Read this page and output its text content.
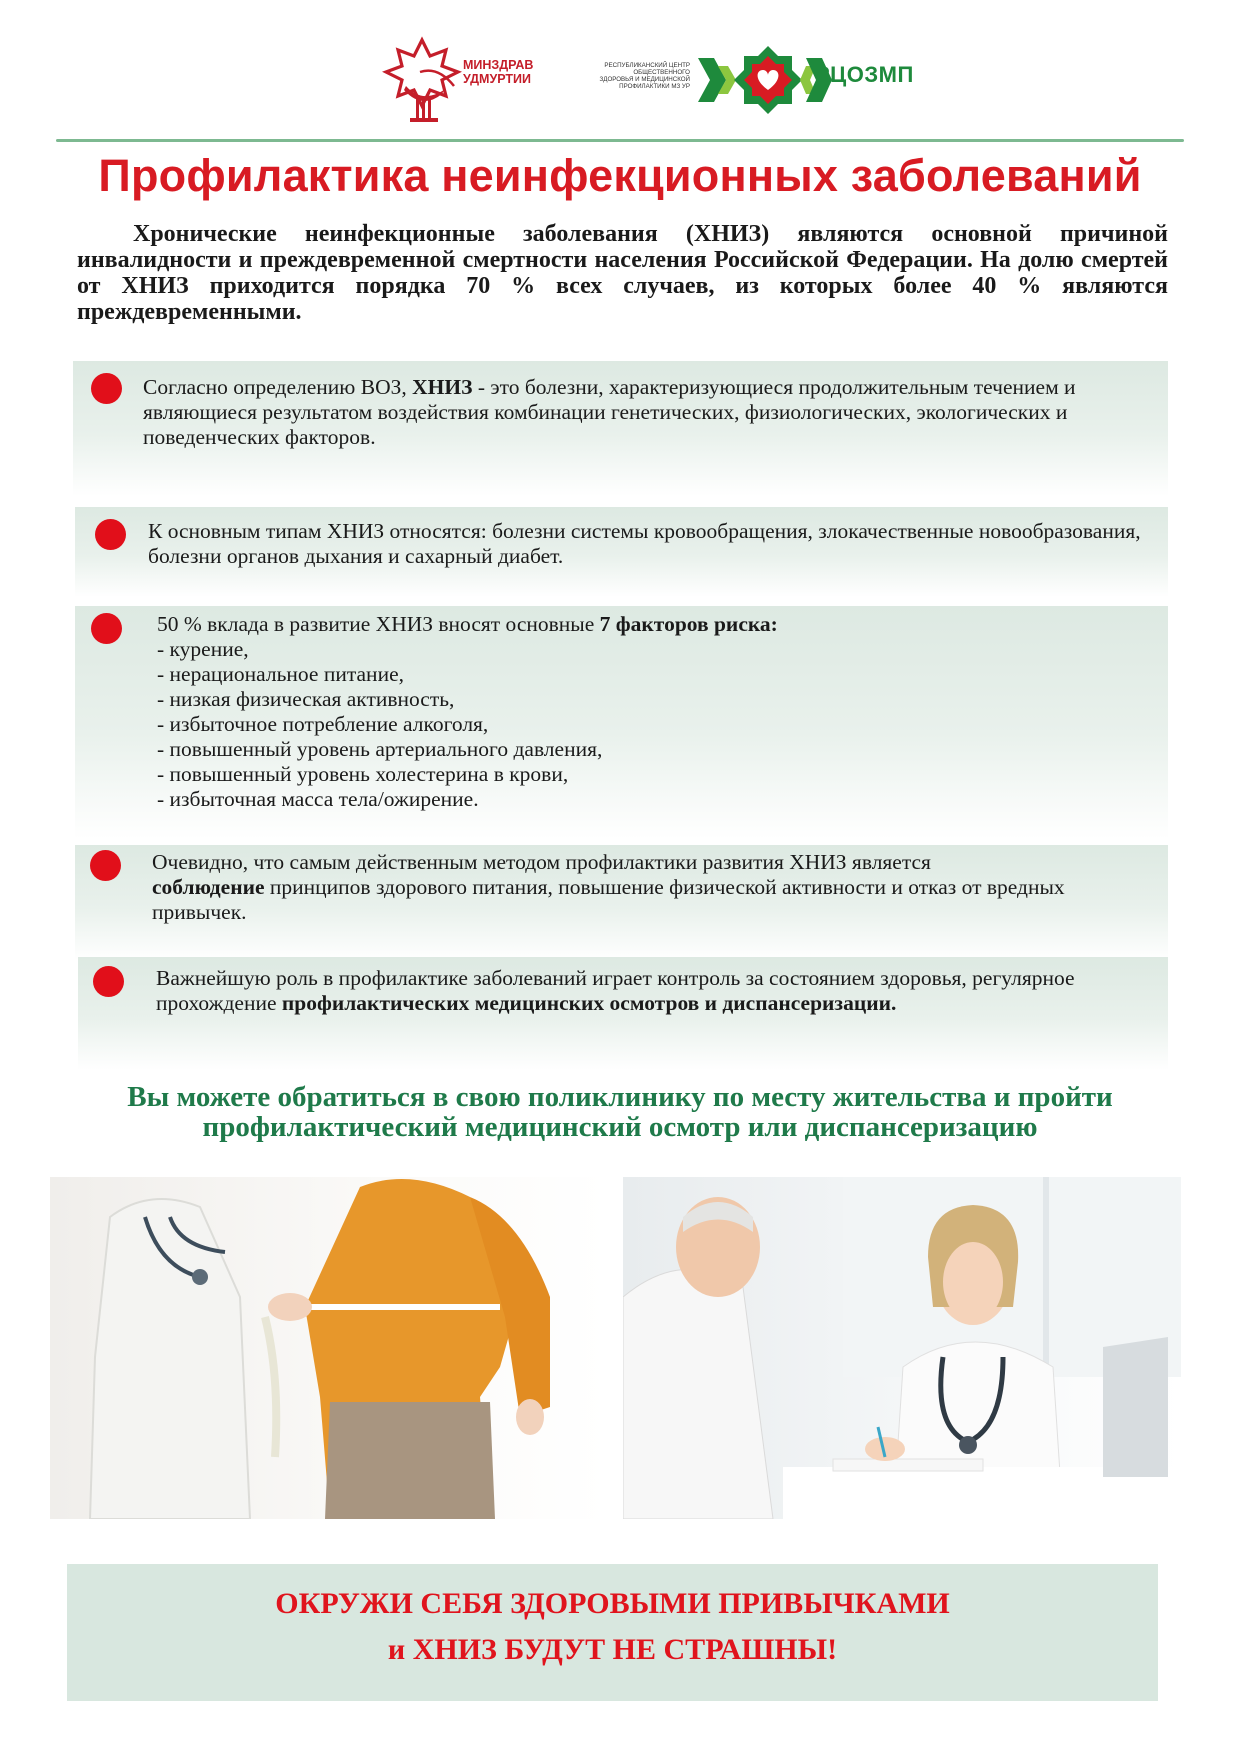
МИНЗДРАВ
УДМУРТИИ
РЕСПУБЛИКАНСКИЙ ЦЕНТР ОБЩЕСТВЕННОГО ЗДОРОВЬЯ И МЕДИЦИНСКОЙ ПРОФИЛАКТИКИ МЗ УР	РЦОЗМП
Профилактика неинфекционных заболеваний
Хронические неинфекционные заболевания (ХНИЗ) являются основной причиной инвалидности и преждевременной смертности населения Российской Федерации. На долю смертей от ХНИЗ приходится порядка 70 % всех случаев, из которых более 40 % являются преждевременными.
Согласно определению ВОЗ, ХНИЗ - это болезни, характеризующиеся продолжительным течением и являющиеся результатом воздействия комбинации генетических, физиологических, экологических и поведенческих факторов.
К основным типам ХНИЗ относятся: болезни системы кровообращения, злокачественные новообразования, болезни органов дыхания и сахарный диабет.
50 % вклада в развитие ХНИЗ вносят основные 7 факторов риска:
- курение,
- нерациональное питание,
- низкая физическая активность,
- избыточное потребление алкоголя,
- повышенный уровень артериального давления,
- повышенный уровень холестерина в крови,
- избыточная масса тела/ожирение.
Очевидно, что самым действенным методом профилактики развития ХНИЗ является
соблюдение принципов здорового питания, повышение физической активности и отказ от вредных привычек.
Важнейшую роль в профилактике заболеваний играет контроль за состоянием здоровья, регулярное прохождение профилактических медицинских осмотров и диспансеризации.
Вы можете обратиться в свою поликлинику по месту жительства и пройти профилактический медицинский осмотр или диспансеризацию
ОКРУЖИ СЕБЯ ЗДОРОВЫМИ ПРИВЫЧКАМИ
и ХНИЗ БУДУТ НЕ СТРАШНЫ!
